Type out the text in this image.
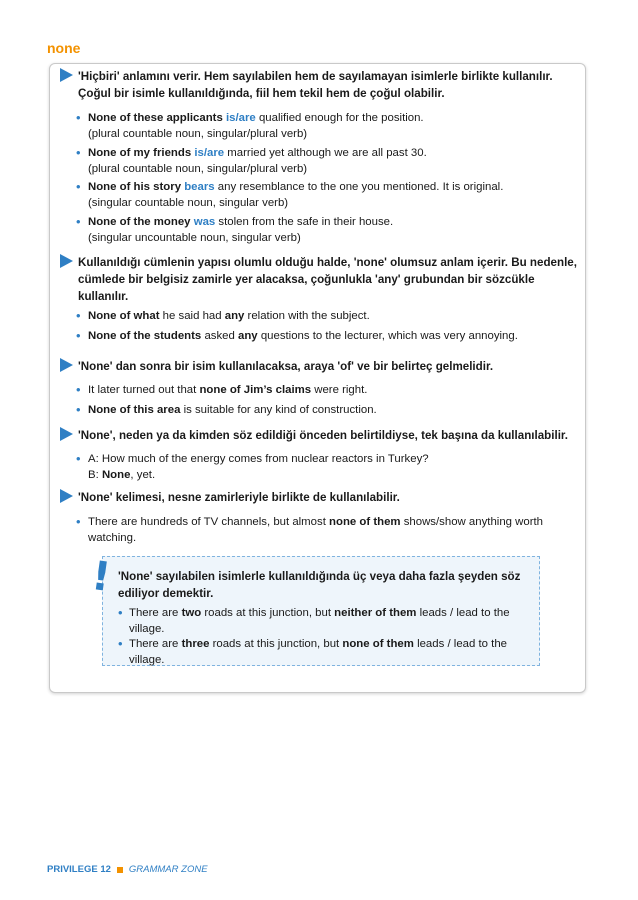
none
'Hiçbiri' anlamını verir. Hem sayılabilen hem de sayılamayan isimlerle birlikte kullanılır. Çoğul bir isimle kullanıldığında, fiil hem tekil hem de çoğul olabilir.
• None of these applicants is/are qualified enough for the position.
(plural countable noun, singular/plural verb)
• None of my friends is/are married yet although we are all past 30.
(plural countable noun, singular/plural verb)
• None of his story bears any resemblance to the one you mentioned. It is original.
(singular countable noun, singular verb)
• None of the money was stolen from the safe in their house.
(singular uncountable noun, singular verb)
Kullanıldığı cümlenin yapısı olumlu olduğu halde, 'none' olumsuz anlam içerir. Bu nedenle, cümlede bir belgisiz zamirle yer alacaksa, çoğunlukla 'any' grubundan bir sözcükle kullanılır.
• None of what he said had any relation with the subject.
• None of the students asked any questions to the lecturer, which was very annoying.
'None' dan sonra bir isim kullanılacaksa, araya 'of' ve bir belirteç gelmelidir.
• It later turned out that none of Jim’s claims were right.
• None of this area is suitable for any kind of construction.
'None', neden ya da kimden söz edildiği önceden belirtildiyse, tek başına da kullanılabilir.
• A: How much of the energy comes from nuclear reactors in Turkey?
B: None, yet.
'None' kelimesi, nesne zamirleriyle birlikte de kullanılabilir.
• There are hundreds of TV channels, but almost none of them shows/show anything worth watching.
! 'None' sayılabilen isimlerle kullanıldığında üç veya daha fazla şeyden söz ediliyor demektir.
• There are two roads at this junction, but neither of them leads / lead to the village.
• There are three roads at this junction, but none of them leads / lead to the village.
PRIVILEGE 12 GRAMMAR ZONE
